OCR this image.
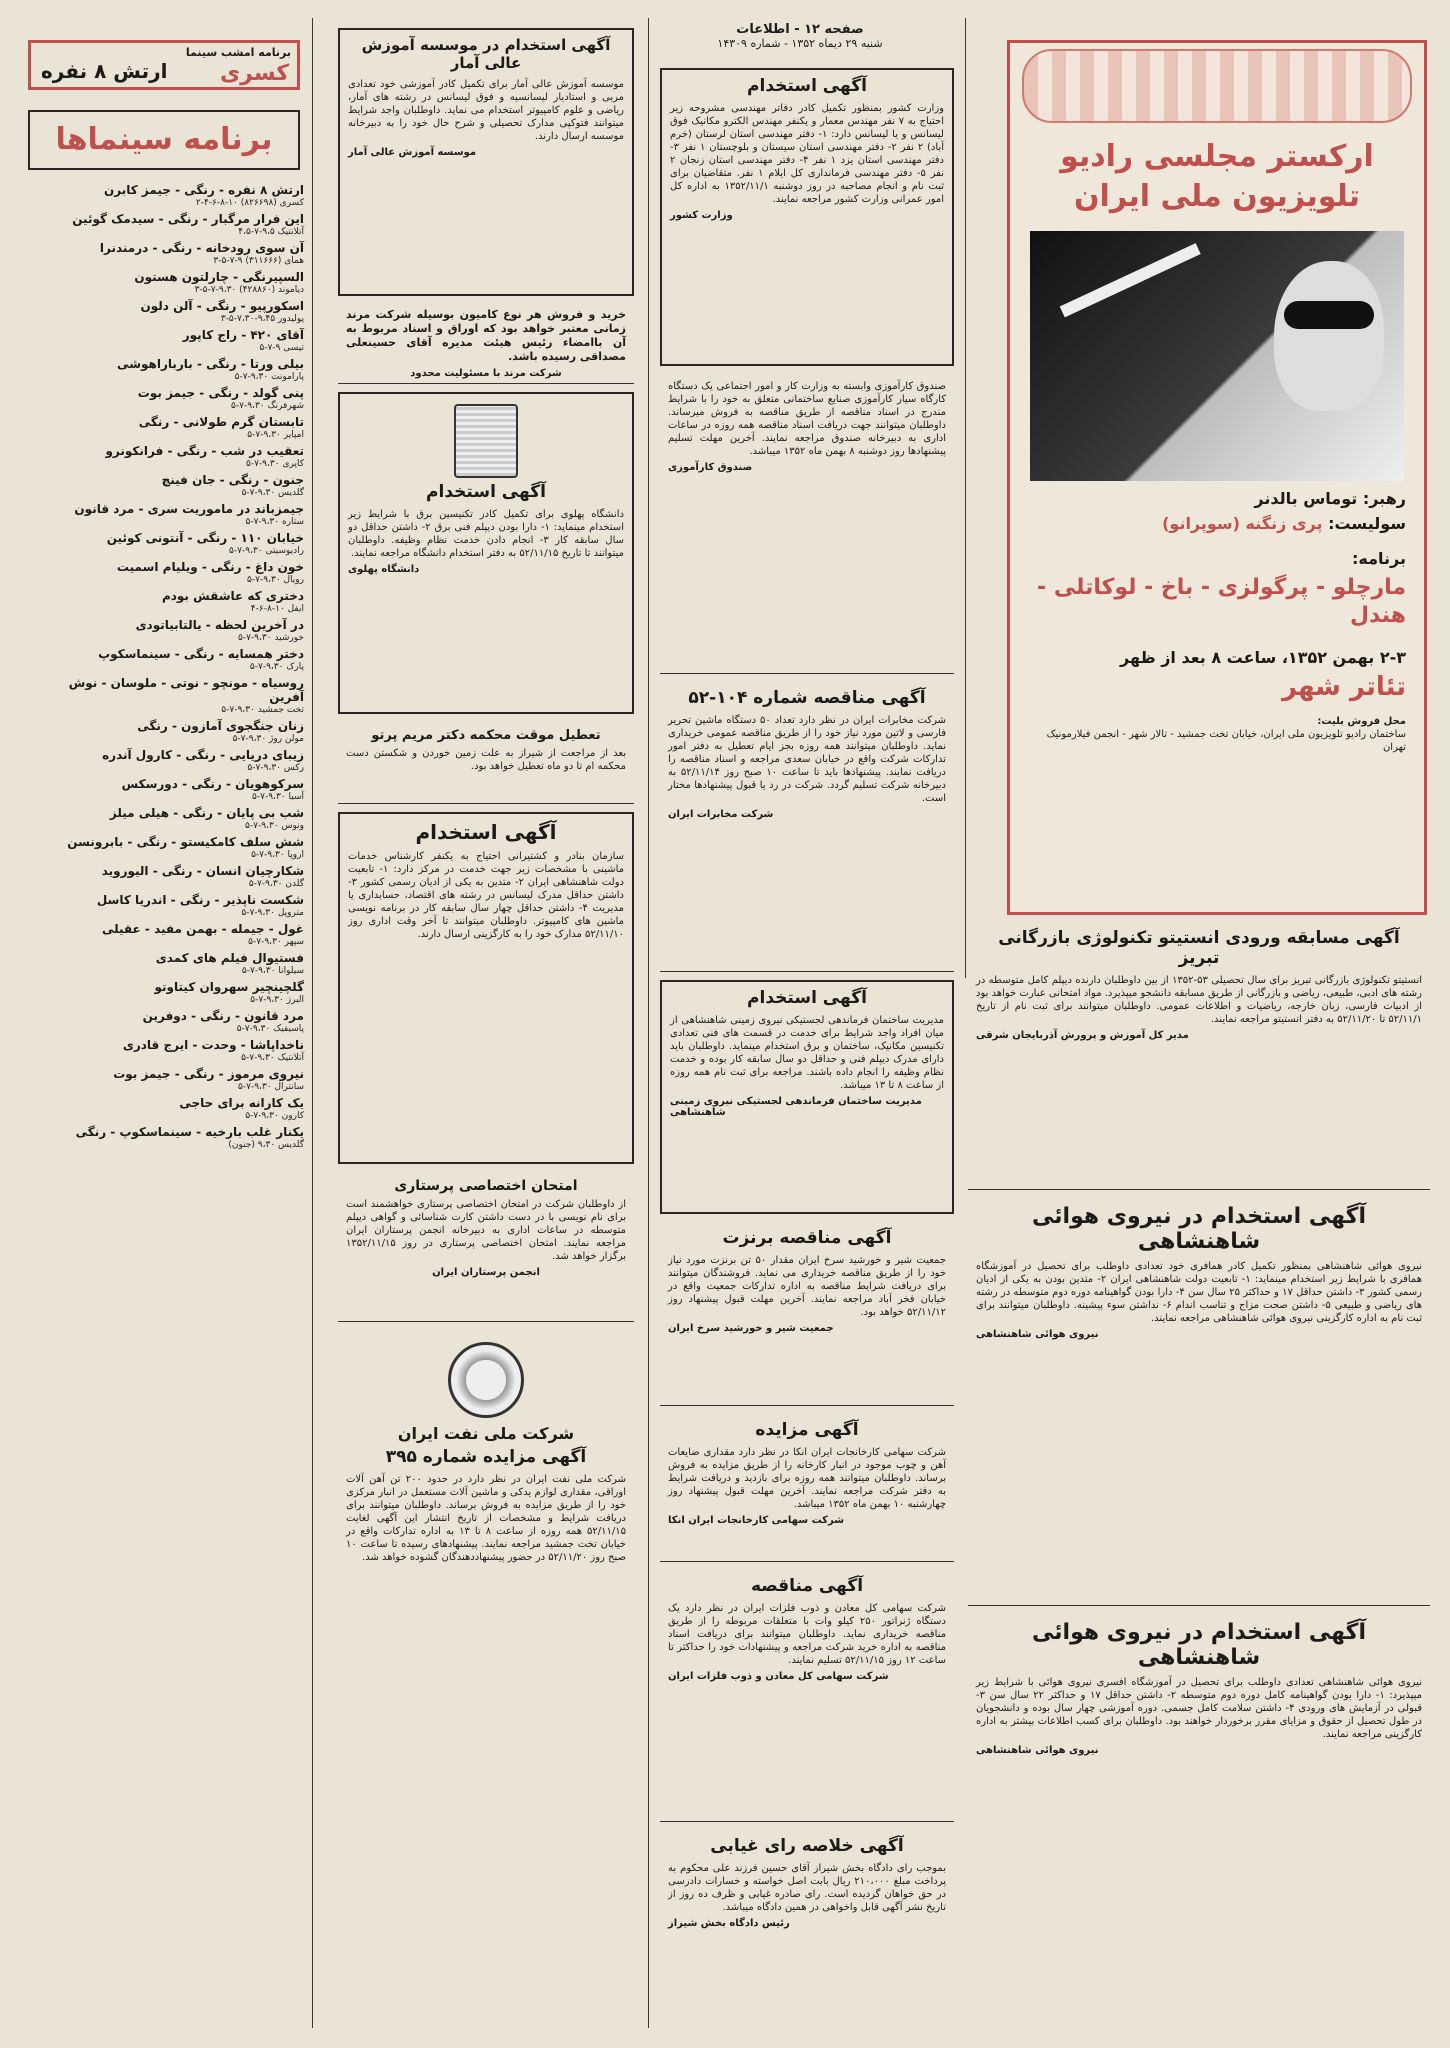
صفحه ۱۲ - اطلاعات
شنبه ۲۹ دیماه ۱۳۵۲ - شماره ۱۴۳۰۹
برنامه امشب سینما
کسری
ارتش ۸ نفره
برنامه سینماها
ارتش ۸ نفره - رنگی - جیمز کابرن
کسری (۸۲۶۶۹۸) ۱۰-۸-۶-۴-۲
این فرار مرگبار - رنگی - سیدمک گوئین
آتلانتیک ۹،۵-۷-۴،۵
آن سوی رودخانه - رنگی - درمندنرا
همای (۳۱۱۶۶۶) ۹-۷-۵-۳
السپیرنگی - چارلتون هستون
دیاموند (۴۲۸۸۶۰) ۹،۳۰-۷-۵-۳
اسکورپیو - رنگی - آلن دلون
پولیدور ۹،۴۵-۷،۳۰-۵-۳
آقای ۴۲۰ - راج کاپور
تیسی ۹-۷-۵
بیلی ورتا - رنگی - بارباراهوشی
پارامونت ۹،۳۰-۷-۵
پنی گولد - رنگی - جیمز بوت
شهرفرنگ ۹،۳۰-۷-۵
تابستان گرم طولانی - رنگی
امپایر ۹،۳۰-۷-۵
تعقیب در شب - رنگی - فرانکونرو
کاپری ۹،۳۰-۷-۵
جنون - رنگی - جان فینچ
گلدیس ۹،۳۰-۷-۵
جیمزباند در ماموریت سری - مرد قانون
ستاره ۹،۳۰-۷-۵
خیابان ۱۱۰ - رنگی - آنتونی کوئین
رادیوسیتی ۹،۳۰-۷-۵
خون داغ - رنگی - ویلیام اسمیت
رویال ۹،۳۰-۷-۵
دختری که عاشقش بودم
ایفل ۱۰-۸-۶-۴
در آخرین لحظه - یالتابیاتودی
خورشید ۹،۳۰-۷-۵
دختر همسایه - رنگی - سینماسکوپ
پارک ۹،۳۰-۷-۵
روسیاه - مونچو - نوتی - ملوسان - نوش آفرین
تخت جمشید ۹،۳۰-۷-۵
زنان جنگجوی آمازون - رنگی
مولن روژ ۹،۳۰-۷-۵
زیبای دریایی - رنگی - کارول آندره
رکس ۹،۳۰-۷-۵
سرکوهویان - رنگی - دورسکس
آسیا ۹،۳۰-۷-۵
شب بی پایان - رنگی - هیلی میلز
ونوس ۹،۳۰-۷-۵
شش سلف کامکیستو - رنگی - بابرونسن
اروپا ۹،۳۰-۷-۵
شکارچیان انسان - رنگی - الیوروید
گلدن ۹،۳۰-۷-۵
شکست ناپذیر - رنگی - اندریا کاسل
متروپل ۹،۳۰-۷-۵
غول - جیمله - بهمن مفید - عقیلی
سپهر ۹،۳۰-۷-۵
فستیوال فیلم های کمدی
سیلوانا ۹،۳۰-۷-۵
گلچینچیر سهروان کیتاوتو
البرز ۹،۳۰-۷-۵
مرد قانون - رنگی - دوفرین
پاسیفیک ۹،۳۰-۷-۵
ناخداپاشا - وحدت - ایرج قادری
آتلانتیک ۹،۳۰-۷-۵
نیروی مرموز - رنگی - جیمز بوت
سانترال ۹،۳۰-۷-۵
یک کارانه برای حاجی
کارون ۹،۳۰-۷-۵
یکنار غلب بارخیه - سینماسکوپ - رنگی
گلدیس ۹،۳۰ (جنون)
آگهی استخدام در موسسه آموزش عالی آمار

موسسه آموزش عالی آمار برای تکمیل کادر آموزشی خود تعدادی مربی و استادیار لیسانسیه و فوق لیسانس در رشته های آمار، ریاضی و علوم کامپیوتر استخدام می نماید. داوطلبان واجد شرایط میتوانند فتوکپی مدارک تحصیلی و شرح حال خود را به دبیرخانه موسسه ارسال دارند.

موسسه آموزش عالی آمار

خرید و فروش هر نوع کامیون بوسیله شرکت مرند زمانی معتبر خواهد بود که اوراق و اسناد مربوط به آن باامضاء رئیس هیئت مدیره آقای حسینعلی مصداقی رسیده باشد.

شرکت مرند با مسئولیت محدود
آگهی استخدام

دانشگاه پهلوی برای تکمیل کادر تکنیسین برق با شرایط زیر استخدام مینماید: ۱- دارا بودن دیپلم فنی برق ۲- داشتن حداقل دو سال سابقه کار ۳- انجام دادن خدمت نظام وظیفه. داوطلبان میتوانند تا تاریخ ۵۲/۱۱/۱۵ به دفتر استخدام دانشگاه مراجعه نمایند.

دانشگاه پهلوی
تعطیل موقت محکمه دکتر مریم پرتو

بعد از مراجعت از شیراز به علت زمین خوردن و شکستن دست محکمه ام تا دو ماه تعطیل خواهد بود.

آگهی استخدام

سازمان بنادر و کشتیرانی احتیاج به یکنفر کارشناس خدمات ماشینی با مشخصات زیر جهت خدمت در مرکز دارد: ۱- تابعیت دولت شاهنشاهی ایران ۲- متدین به یکی از ادیان رسمی کشور ۳- داشتن حداقل مدرک لیسانس در رشته های اقتصاد، حسابداری یا مدیریت ۴- داشتن حداقل چهار سال سابقه کار در برنامه نویسی ماشین های کامپیوتر. داوطلبان میتوانند تا آخر وقت اداری روز ۵۲/۱۱/۱۰ مدارک خود را به کارگزینی ارسال دارند.

امتحان اختصاصی پرستاری

از داوطلبان شرکت در امتحان اختصاصی پرستاری خواهشمند است برای نام نویسی با در دست داشتن کارت شناسائی و گواهی دیپلم متوسطه در ساعات اداری به دبیرخانه انجمن پرستاران ایران مراجعه نمایند. امتحان اختصاصی پرستاری در روز ۱۳۵۲/۱۱/۱۵ برگزار خواهد شد.

انجمن پرستاران ایران
شرکت ملی نفت ایران
آگهی مزایده شماره ۳۹۵

شرکت ملی نفت ایران در نظر دارد در حدود ۲۰۰ تن آهن آلات اوراقی، مقداری لوازم یدکی و ماشین آلات مستعمل در انبار مرکزی خود را از طریق مزایده به فروش برساند. داوطلبان میتوانند برای دریافت شرایط و مشخصات از تاریخ انتشار این آگهی لغایت ۵۲/۱۱/۱۵ همه روزه از ساعت ۸ تا ۱۳ به اداره تدارکات واقع در خیابان تخت جمشید مراجعه نمایند. پیشنهادهای رسیده تا ساعت ۱۰ صبح روز ۵۲/۱۱/۲۰ در حضور پیشنهاددهندگان گشوده خواهد شد.

آگهی استخدام

وزارت کشور بمنظور تکمیل کادر دفاتر مهندسی مشروحه زیر احتیاج به ۷ نفر مهندس معمار و یکنفر مهندس الکترو مکانیک فوق لیسانس و یا لیسانس دارد: ۱- دفتر مهندسی استان لرستان (خرم آباد) ۲ نفر ۲- دفتر مهندسی استان سیستان و بلوچستان ۱ نفر ۳- دفتر مهندسی استان یزد ۱ نفر ۴- دفتر مهندسی استان زنجان ۲ نفر ۵- دفتر مهندسی فرمانداری کل ایلام ۱ نفر. متقاضیان برای ثبت نام و انجام مصاحبه در روز دوشنبه ۱۳۵۲/۱۱/۱ به اداره کل امور عمرانی وزارت کشور مراجعه نمایند.

وزارت کشور

صندوق کارآموزی وابسته به وزارت کار و امور اجتماعی یک دستگاه کارگاه سیار کارآموزی صنایع ساختمانی متعلق به خود را با شرایط مندرج در اسناد مناقصه از طریق مناقصه به فروش میرساند. داوطلبان میتوانند جهت دریافت اسناد مناقصه همه روزه در ساعات اداری به دبیرخانه صندوق مراجعه نمایند. آخرین مهلت تسلیم پیشنهادها روز دوشنبه ۸ بهمن ماه ۱۳۵۲ میباشد.

صندوق کارآموزی
آگهی مناقصه شماره ۱۰۴-۵۲

شرکت مخابرات ایران در نظر دارد تعداد ۵۰ دستگاه ماشین تحریر فارسی و لاتین مورد نیاز خود را از طریق مناقصه عمومی خریداری نماید. داوطلبان میتوانند همه روزه بجز ایام تعطیل به دفتر امور تدارکات شرکت واقع در خیابان سعدی مراجعه و اسناد مناقصه را دریافت نمایند. پیشنهادها باید تا ساعت ۱۰ صبح روز ۵۲/۱۱/۱۴ به دبیرخانه شرکت تسلیم گردد. شرکت در رد یا قبول پیشنهادها مختار است.

شرکت مخابرات ایران
آگهی استخدام

مدیریت ساختمان فرماندهی لجستیکی نیروی زمینی شاهنشاهی از میان افراد واجد شرایط برای خدمت در قسمت های فنی تعدادی تکنیسین مکانیک، ساختمان و برق استخدام مینماید. داوطلبان باید دارای مدرک دیپلم فنی و حداقل دو سال سابقه کار بوده و خدمت نظام وظیفه را انجام داده باشند. مراجعه برای ثبت نام همه روزه از ساعت ۸ تا ۱۳ میباشد.

مدیریت ساختمان فرماندهی لجستیکی نیروی زمینی شاهنشاهی
آگهی مناقصه برنزت

جمعیت شیر و خورشید سرخ ایران مقدار ۵۰ تن برنزت مورد نیاز خود را از طریق مناقصه خریداری می نماید. فروشندگان میتوانند برای دریافت شرایط مناقصه به اداره تدارکات جمعیت واقع در خیابان فخر آباد مراجعه نمایند. آخرین مهلت قبول پیشنهاد روز ۵۲/۱۱/۱۲ خواهد بود.

جمعیت شیر و خورشید سرخ ایران
آگهی مزایده

شرکت سهامی کارخانجات ایران انکا در نظر دارد مقداری ضایعات آهن و چوب موجود در انبار کارخانه را از طریق مزایده به فروش برساند. داوطلبان میتوانند همه روزه برای بازدید و دریافت شرایط به دفتر شرکت مراجعه نمایند. آخرین مهلت قبول پیشنهاد روز چهارشنبه ۱۰ بهمن ماه ۱۳۵۲ میباشد.

شرکت سهامی کارخانجات ایران انکا
آگهی مناقصه

شرکت سهامی کل معادن و ذوب فلزات ایران در نظر دارد یک دستگاه ژنراتور ۲۵۰ کیلو وات با متعلقات مربوطه را از طریق مناقصه خریداری نماید. داوطلبان میتوانند برای دریافت اسناد مناقصه به اداره خرید شرکت مراجعه و پیشنهادات خود را حداکثر تا ساعت ۱۲ روز ۵۲/۱۱/۱۵ تسلیم نمایند.

شرکت سهامی کل معادن و ذوب فلزات ایران
آگهی خلاصه رای غیابی

بموجب رای دادگاه بخش شیراز آقای حسین فرزند علی محکوم به پرداخت مبلغ ۲۱۰،۰۰۰ ریال بابت اصل خواسته و خسارات دادرسی در حق خواهان گردیده است. رای صادره غیابی و ظرف ده روز از تاریخ نشر آگهی قابل واخواهی در همین دادگاه میباشد.

رئیس دادگاه بخش شیراز
ارکستر مجلسی رادیو تلویزیون ملی ایران
رهبر: توماس بالدنر
سولیست: پری زنگنه (سوپرانو)
برنامه:
مارچلو - پرگولزی - باخ - لوکاتلی - هندل
۲-۳ بهمن ۱۳۵۲، ساعت ۸ بعد از ظهر
تئاتر شهر
محل فروش بلیت:
ساختمان رادیو تلویزیون ملی ایران، خیابان تخت جمشید - تالار شهر - انجمن فیلارمونیک تهران
آگهی مسابقه ورودی انستیتو تکنولوژی بازرگانی تبریز

انستیتو تکنولوژی بازرگانی تبریز برای سال تحصیلی ۵۳-۱۳۵۲ از بین داوطلبان دارنده دیپلم کامل متوسطه در رشته های ادبی، طبیعی، ریاضی و بازرگانی از طریق مسابقه دانشجو میپذیرد. مواد امتحانی عبارت خواهد بود از ادبیات فارسی، زبان خارجه، ریاضیات و اطلاعات عمومی. داوطلبان میتوانند برای ثبت نام از تاریخ ۵۲/۱۱/۱ تا ۵۲/۱۱/۲۰ به دفتر انستیتو مراجعه نمایند.

مدیر کل آموزش و پرورش آذربایجان شرقی
آگهی استخدام در نیروی هوائی شاهنشاهی

نیروی هوائی شاهنشاهی بمنظور تکمیل کادر همافری خود تعدادی داوطلب برای تحصیل در آموزشگاه همافری با شرایط زیر استخدام مینماید: ۱- تابعیت دولت شاهنشاهی ایران ۲- متدین بودن به یکی از ادیان رسمی کشور ۳- داشتن حداقل ۱۷ و حداکثر ۲۵ سال سن ۴- دارا بودن گواهینامه دوره دوم متوسطه در رشته های ریاضی و طبیعی ۵- داشتن صحت مزاج و تناسب اندام ۶- نداشتن سوء پیشینه. داوطلبان میتوانند برای ثبت نام به اداره کارگزینی نیروی هوائی شاهنشاهی مراجعه نمایند.

نیروی هوائی شاهنشاهی
آگهی استخدام در نیروی هوائی شاهنشاهی

نیروی هوائی شاهنشاهی تعدادی داوطلب برای تحصیل در آموزشگاه افسری نیروی هوائی با شرایط زیر میپذیرد: ۱- دارا بودن گواهینامه کامل دوره دوم متوسطه ۲- داشتن حداقل ۱۷ و حداکثر ۲۲ سال سن ۳- قبولی در آزمایش های ورودی ۴- داشتن سلامت کامل جسمی. دوره آموزشی چهار سال بوده و دانشجویان در طول تحصیل از حقوق و مزایای مقرر برخوردار خواهند بود. داوطلبان برای کسب اطلاعات بیشتر به اداره کارگزینی مراجعه نمایند.

نیروی هوائی شاهنشاهی
